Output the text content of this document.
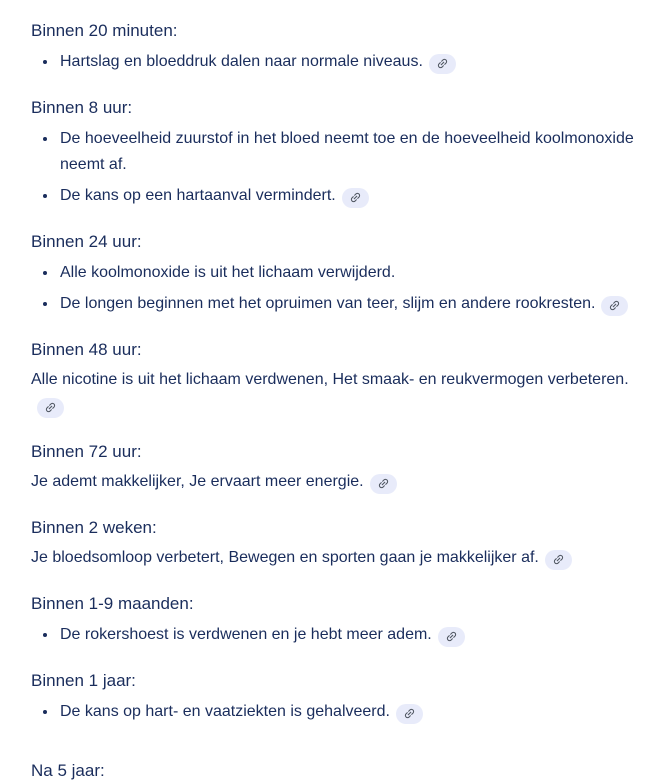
Binnen 20 minuten:
• Hartslag en bloeddruk dalen naar normale niveaus.
Binnen 8 uur:
• De hoeveelheid zuurstof in het bloed neemt toe en de hoeveelheid koolmonoxide neemt af.
• De kans op een hartaanval vermindert.
Binnen 24 uur:
• Alle koolmonoxide is uit het lichaam verwijderd.
• De longen beginnen met het opruimen van teer, slijm en andere rookresten.
Binnen 48 uur:

Alle nicotine is uit het lichaam verdwenen, Het smaak- en reukvermogen verbeteren.

Binnen 72 uur:

Je ademt makkelijker, Je ervaart meer energie.

Binnen 2 weken:

Je bloedsomloop verbetert, Bewegen en sporten gaan je makkelijker af.

Binnen 1-9 maanden:
• De rokershoest is verdwenen en je hebt meer adem.
Binnen 1 jaar:
• De kans op hart- en vaatziekten is gehalveerd.
Na 5 jaar:
